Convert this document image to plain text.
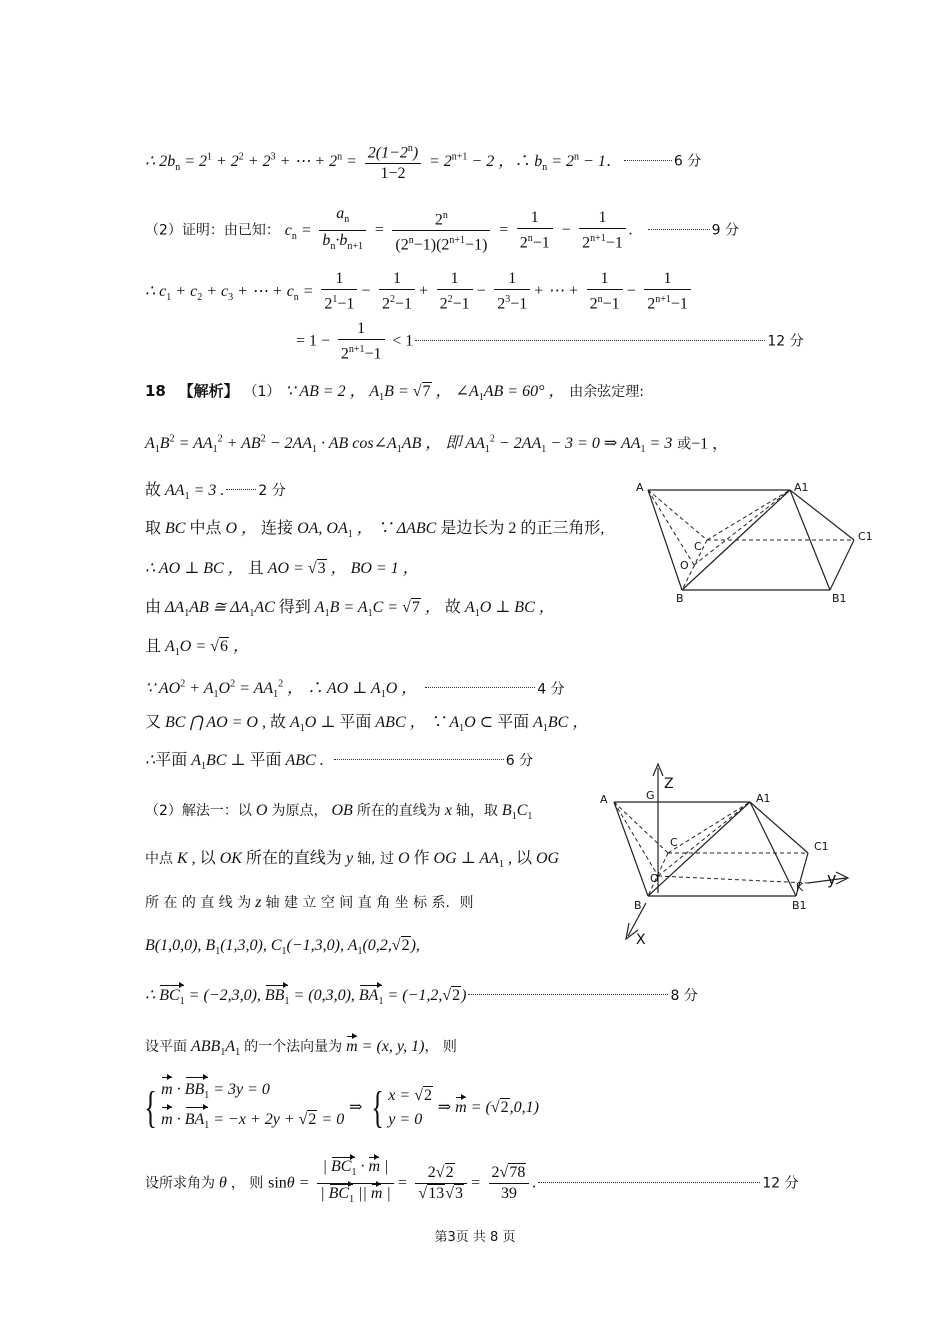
∴ $2b_n = 2^1 + 2^2 + 2^3$ + ⋯ + $2^n = \frac{2(1-2^n)}{1-2} = 2^{n+1} - 2$ ，∴ $b_n = 2^n - 1$．	6 分
（2）证明：由已知： $c_n = \frac{a_n}{b_n\cdot b_{n+1}} = \frac{2^n}{(2^n-1)(2^{n+1}-1)} = \frac{1}{2^n-1} - \frac{1}{2^{n+1}-1}$ .	9 分
∴ $c_1 + c_2 + c_3$ + ⋯ + $c_n = \frac{1}{2^1-1} - \frac{1}{2^2-1} + \frac{1}{2^2-1} - \frac{1}{2^3-1}$ + ⋯ + $\frac{1}{2^n-1} - \frac{1}{2^{n+1}-1}$
= $1 - \frac{1}{2^{n+1}-1} < 1$	12 分
18 【解析】 （1） ∵ AB = 2 ， $A_1B = √7$ ， $\angle A_1AB = 60^\circ$ ， 由余弦定理:
$A_1B^2 = AA_1^2 + AB^2 - 2AA_1$ · AB $\cos\angle A_1AB$ ， 即 $AA_1^2 - 2AA_1 - 3 = 0$ ⇒ $AA_1 = 3$ 或−1 ，
故 $AA_1 = 3$ . 2 分
取 BC 中点 O ， 连接 OA, $OA_1$ ， ∵ ΔABC 是边长为 2 的正三角形,
∴ AO ⊥ BC ， 且 AO = √3 ， BO = 1 ，
由 $\Delta A_1AB$ ≅ $\Delta A_1AC$ 得到 $A_1B = A_1C = √7$ ， 故 $A_1O$ ⊥ BC ，
且 $A_1O = √6$ ，
∵ $AO^2 + A_1O^2 = AA_1^2$ ， ∴ AO ⊥ $A_1O$ ，	4 分
又 BC ⋂ AO = O , 故 $A_1O$ ⊥ 平面 ABC ， ∵ $A_1O$ ⊂ 平面 $A_1BC$ ，
∴平面 $A_1BC$ ⊥ 平面 ABC .	6 分
（2）解法一：以 O 为原点， OB 所在的直线为 x 轴，取 $B_1C_1$
中点 K , 以 OK 所在的直线为 y 轴, 过 O 作 OG ⊥ $AA_1$ , 以 OG
所 在 的 直 线 为 z 轴 建 立 空 间 直 角 坐 标 系．则
B(1,0,0), $B_1(1,3,0)$, $C_1(-1,3,0)$, $A_1(0,2,√2)$,
∴ $BC_1 = (-2,3,0)$, $BB_1 = (0,3,0)$, $BA_1 = (-1,2,√2)$	8 分
设平面 $ABB_1A_1$ 的一个法向量为 m = (x, y, 1)， 则
{ $m \cdot BB_1 = 3y = 0$
$m \cdot BA_1 = -x + 2y + √2 = 0$
⇒ { x = √2
y = 0
⇒ m = (√2,0,1)
设所求角为 θ ， 则 $\sin\theta = \frac{| BC_1 \cdot m |}{| BC_1 || m |} = \frac{2√2}{√13√3} = \frac{2√78}{39}$ .	12 分
A	A1
C
C1
O
B	B1
Z
A	G	A1
C	C1
O	y
B
K
B1
X
第3页 共 8 页
